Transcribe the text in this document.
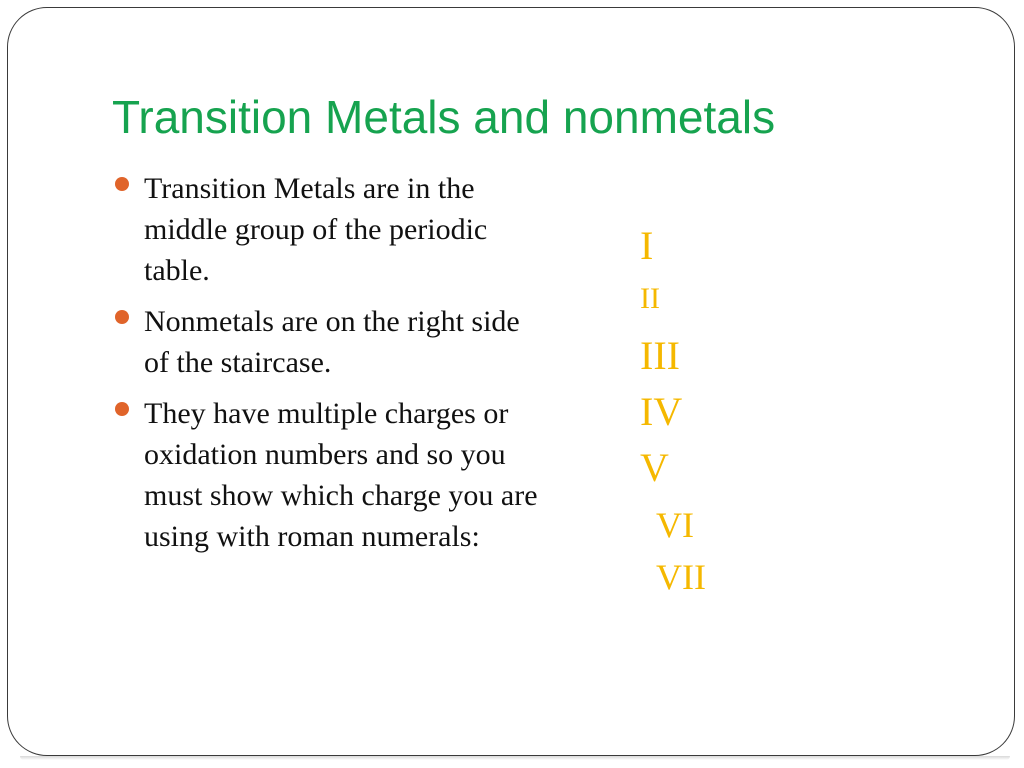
Transition Metals and nonmetals
Transition Metals are in the middle group of the periodic table.
Nonmetals are on the right side of the staircase.
They have multiple charges or oxidation numbers and so you must show which charge you are using with roman numerals:
I
II
III
IV
V
VI
VII
